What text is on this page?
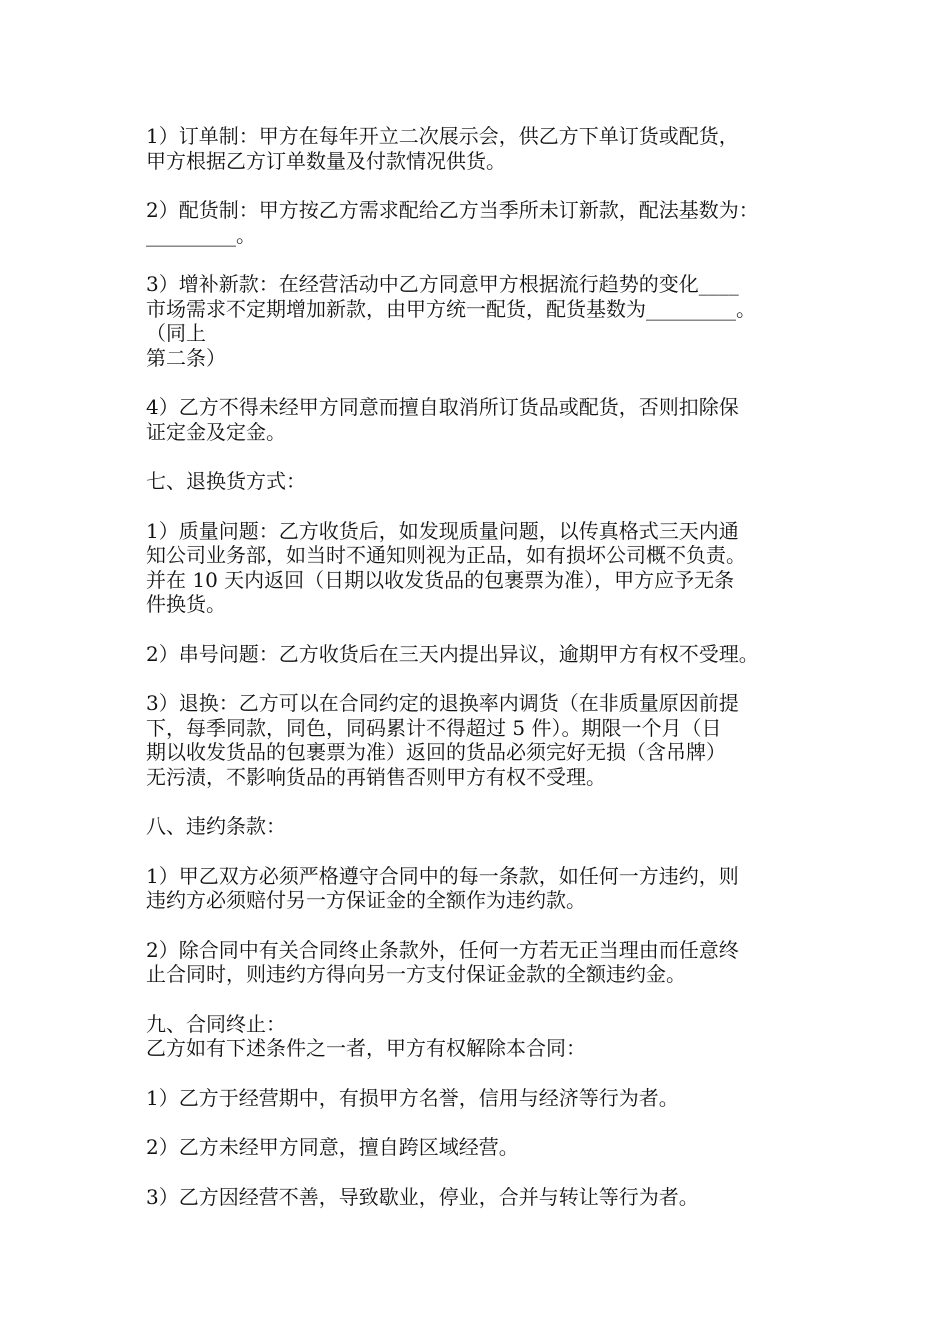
1）订单制：甲方在每年开立二次展示会，供乙方下单订货或配货，
甲方根据乙方订单数量及付款情况供货。

2）配货制：甲方按乙方需求配给乙方当季所未订新款，配法基数为：
_________。

3）增补新款：在经营活动中乙方同意甲方根据流行趋势的变化____
市场需求不定期增加新款，由甲方统一配货，配货基数为_________。
（同上
第二条）

4）乙方不得未经甲方同意而擅自取消所订货品或配货，否则扣除保
证定金及定金。

七、退换货方式：

1）质量问题：乙方收货后，如发现质量问题，以传真格式三天内通
知公司业务部，如当时不通知则视为正品，如有损坏公司概不负责。
并在 10 天内返回（日期以收发货品的包裹票为准），甲方应予无条
件换货。

2）串号问题：乙方收货后在三天内提出异议，逾期甲方有权不受理。

3）退换：乙方可以在合同约定的退换率内调货（在非质量原因前提
下，每季同款，同色，同码累计不得超过 5 件）。期限一个月（日
期以收发货品的包裹票为准）返回的货品必须完好无损（含吊牌）
无污渍，不影响货品的再销售否则甲方有权不受理。

八、违约条款：

1）甲乙双方必须严格遵守合同中的每一条款，如任何一方违约，则
违约方必须赔付另一方保证金的全额作为违约款。

2）除合同中有关合同终止条款外，任何一方若无正当理由而任意终
止合同时，则违约方得向另一方支付保证金款的全额违约金。

九、合同终止：
乙方如有下述条件之一者，甲方有权解除本合同：

1）乙方于经营期中，有损甲方名誉，信用与经济等行为者。

2）乙方未经甲方同意，擅自跨区域经营。

3）乙方因经营不善，导致歇业，停业，合并与转让等行为者。
